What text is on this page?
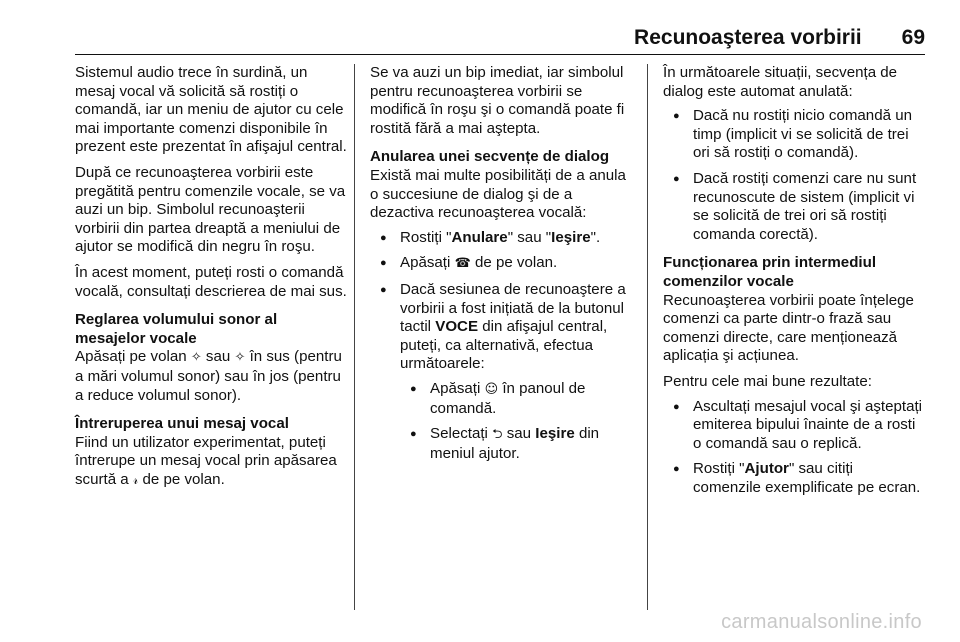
Recunoaşterea vorbirii 69

Sistemul audio trece în surdină, un mesaj vocal vă solicită să rostiți o comandă, iar un meniu de ajutor cu cele mai importante comenzi disponibile în prezent este prezentat în afişajul central.

După ce recunoaşterea vorbirii este pregătită pentru comenzile vocale, se va auzi un bip. Simbolul recunoaşterii vorbirii din partea dreaptă a meniului de ajutor se modifică din negru în roşu.

În acest moment, puteți rosti o comandă vocală, consultați descrierea de mai sus.

Reglarea volumului sonor al mesajelor vocale

Apăsați pe volan ✧ sau ✧ în sus (pentru a mări volumul sonor) sau în jos (pentru a reduce volumul sonor).

Întreruperea unui mesaj vocal

Fiind un utilizator experimentat, puteți întrerupe un mesaj vocal prin apăsarea scurtă a 𝓇 de pe volan.

Se va auzi un bip imediat, iar simbolul pentru recunoaşterea vorbirii se modifică în roşu şi o comandă poate fi rostită fără a mai aştepta.

Anularea unei secvențe de dialog

Există mai multe posibilități de a anula o succesiune de dialog şi de a dezactiva recunoaşterea vocală:

● Rostiți "Anulare" sau "Ieşire".
● Apăsați ☎ de pe volan.
● Dacă sesiunea de recunoaştere a vorbirii a fost inițiată de la butonul tactil VOCE din afişajul central, puteți, ca alternativă, efectua următoarele:
● Apăsați ☺ în panoul de comandă.
● Selectați ⮌ sau Ieşire din meniul ajutor.

În următoarele situații, secvența de dialog este automat anulată:

● Dacă nu rostiți nicio comandă un timp (implicit vi se solicită de trei ori să rostiți o comandă).
● Dacă rostiți comenzi care nu sunt recunoscute de sistem (implicit vi se solicită de trei ori să rostiți comanda corectă).
Funcționarea prin intermediul comenzilor vocale

Recunoaşterea vorbirii poate înțelege comenzi ca parte dintr-o frază sau comenzi directe, care menționează aplicația şi acțiunea.

Pentru cele mai bune rezultate:

● Ascultați mesajul vocal şi aşteptați emiterea bipului înainte de a rosti o comandă sau o replică.
● Rostiți "Ajutor" sau citiți comenzile exemplificate pe ecran.
carmanualsonline.info
